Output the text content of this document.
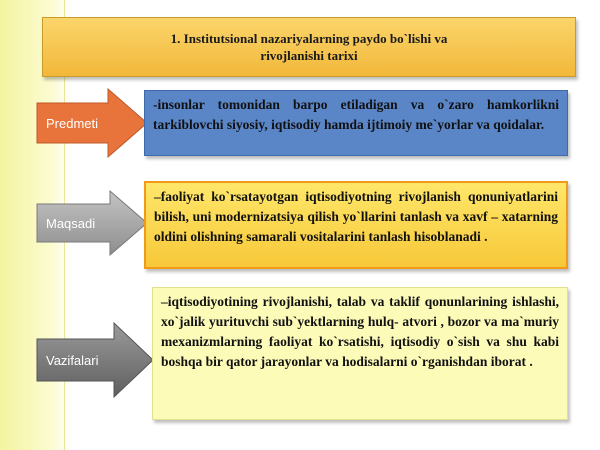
1. Institutsional nazariyalarning paydo bo`lishi va
rivojlanishi tarixi
Predmeti
Maqsadi
Vazifalari

-insonlar tomonidan barpo etiladigan va o`zaro hamkorlikni tarkiblovchi siyosiy, iqtisodiy hamda ijtimoiy me`yorlar va qoidalar.

–faoliyat ko`rsatayotgan iqtisodiyotning rivojlanish qonuniyatlarini bilish, uni modernizatsiya qilish yo`llarini tanlash va xavf – xatarning oldini olishning samarali vositalarini tanlash hisoblanadi .

–iqtisodiyotining rivojlanishi, talab va taklif qonunlarining ishlashi, xo`jalik yurituvchi sub`yektlarning hulq- atvori , bozor va ma`muriy mexanizmlarning faoliyat ko`rsatishi, iqtisodiy o`sish va shu kabi boshqa bir qator jarayonlar va hodisalarni o`rganishdan iborat .
